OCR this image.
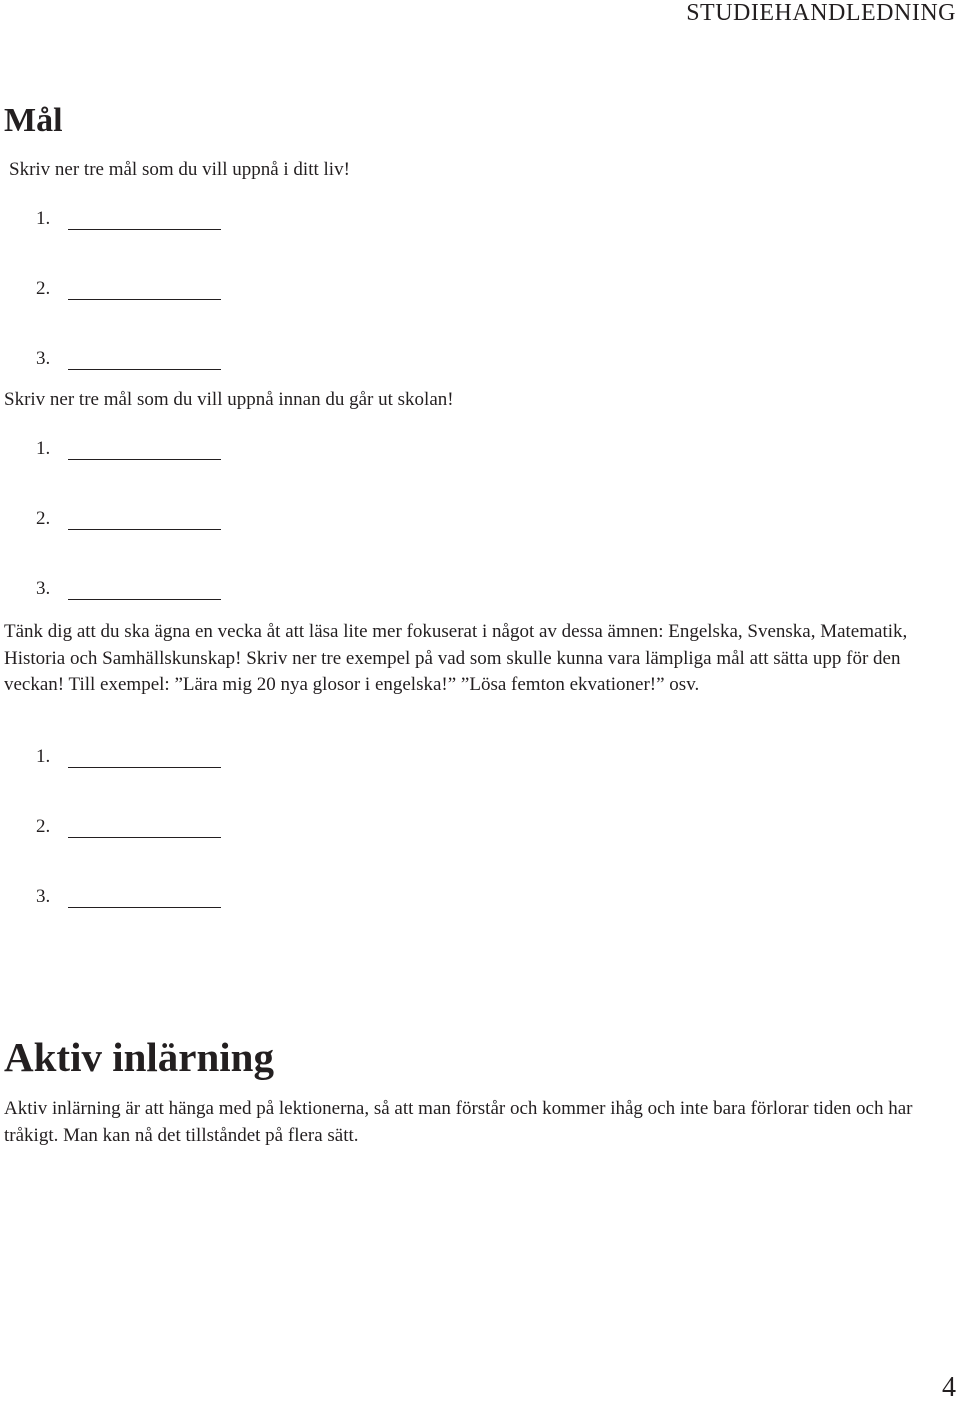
STUDIEHANDLEDNING
Mål

Skriv ner tre mål som du vill uppnå i ditt liv!

1.
2.
3.

Skriv ner tre mål som du vill uppnå innan du går ut skolan!

1.
2.
3.

Tänk dig att du ska ägna en vecka åt att läsa lite mer fokuserat i något av dessa ämnen: Engelska, Svenska, Matematik, Historia och Samhällskunskap! Skriv ner tre exempel på vad som skulle kunna vara lämpliga mål att sätta upp för den veckan! Till exempel: ”Lära mig 20 nya glosor i engelska!” ”Lösa femton ekvationer!” osv.

1.
2.
3.
Aktiv inlärning

Aktiv inlärning är att hänga med på lektionerna, så att man förstår och kommer ihåg och inte bara förlorar tiden och har tråkigt. Man kan nå det tillståndet på flera sätt.

4
